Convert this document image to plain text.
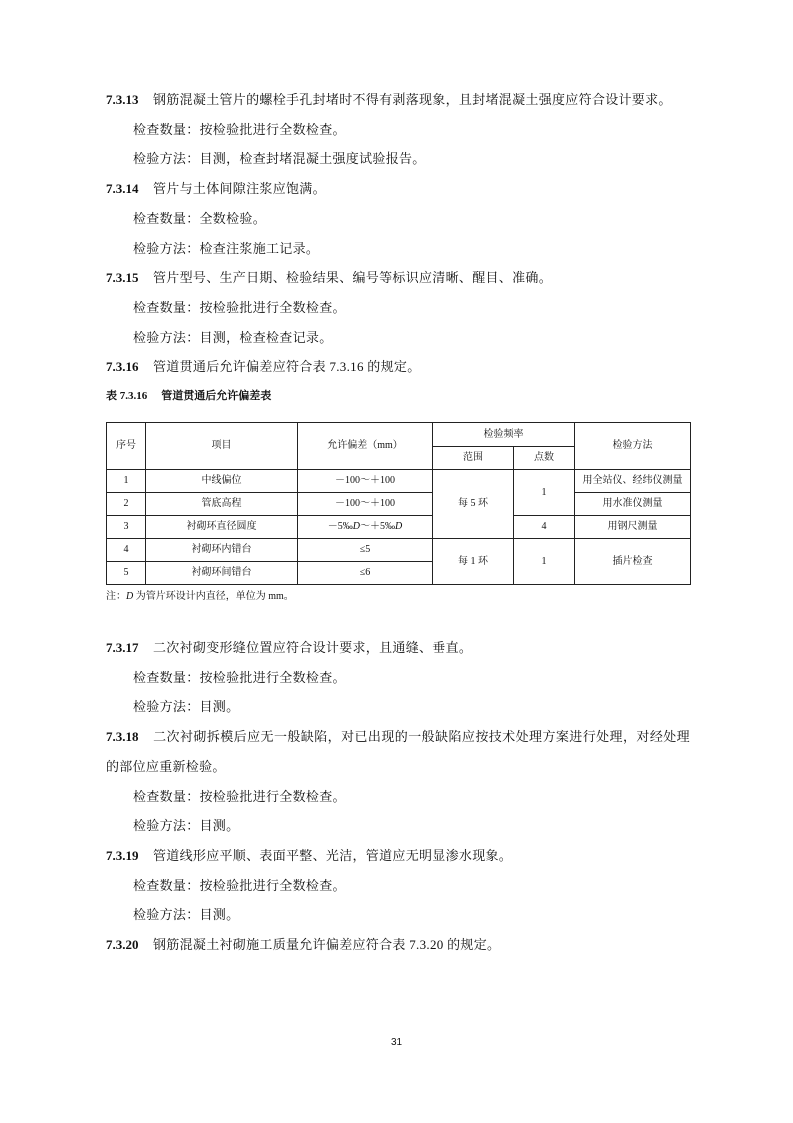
7.3.13 钢筋混凝土管片的螺栓手孔封堵时不得有剥落现象，且封堵混凝土强度应符合设计要求。

检查数量：按检验批进行全数检查。

检验方法：目测，检查封堵混凝土强度试验报告。

7.3.14 管片与土体间隙注浆应饱满。

检查数量：全数检验。

检验方法：检查注浆施工记录。

7.3.15 管片型号、生产日期、检验结果、编号等标识应清晰、醒目、准确。

检查数量：按检验批进行全数检查。

检验方法：目测，检查检查记录。

7.3.16 管道贯通后允许偏差应符合表 7.3.16 的规定。

表 7.3.16 管道贯通后允许偏差表

序号	项目	允许偏差（mm）	检验频率		检验方法
			范围	点数	
1	中线偏位	－100～＋100	每 5 环	1	用全站仪、经纬仪测量
2	管底高程	－100～＋100			用水准仪测量
3	衬砌环直径圆度	－5‰D～＋5‰D		4	用钢尺测量
4	衬砌环内错台	≤5	每 1 环	1	插片检查
5	衬砌环间错台	≤6			
注：D 为管片环设计内直径，单位为 mm。

7.3.17 二次衬砌变形缝位置应符合设计要求，且通缝、垂直。

检查数量：按检验批进行全数检查。

检验方法：目测。

7.3.18 二次衬砌拆模后应无一般缺陷，对已出现的一般缺陷应按技术处理方案进行处理，对经处理的部位应重新检验。

检查数量：按检验批进行全数检查。

检验方法：目测。

7.3.19 管道线形应平顺、表面平整、光洁，管道应无明显渗水现象。

检查数量：按检验批进行全数检查。

检验方法：目测。

7.3.20 钢筋混凝土衬砌施工质量允许偏差应符合表 7.3.20 的规定。

31
